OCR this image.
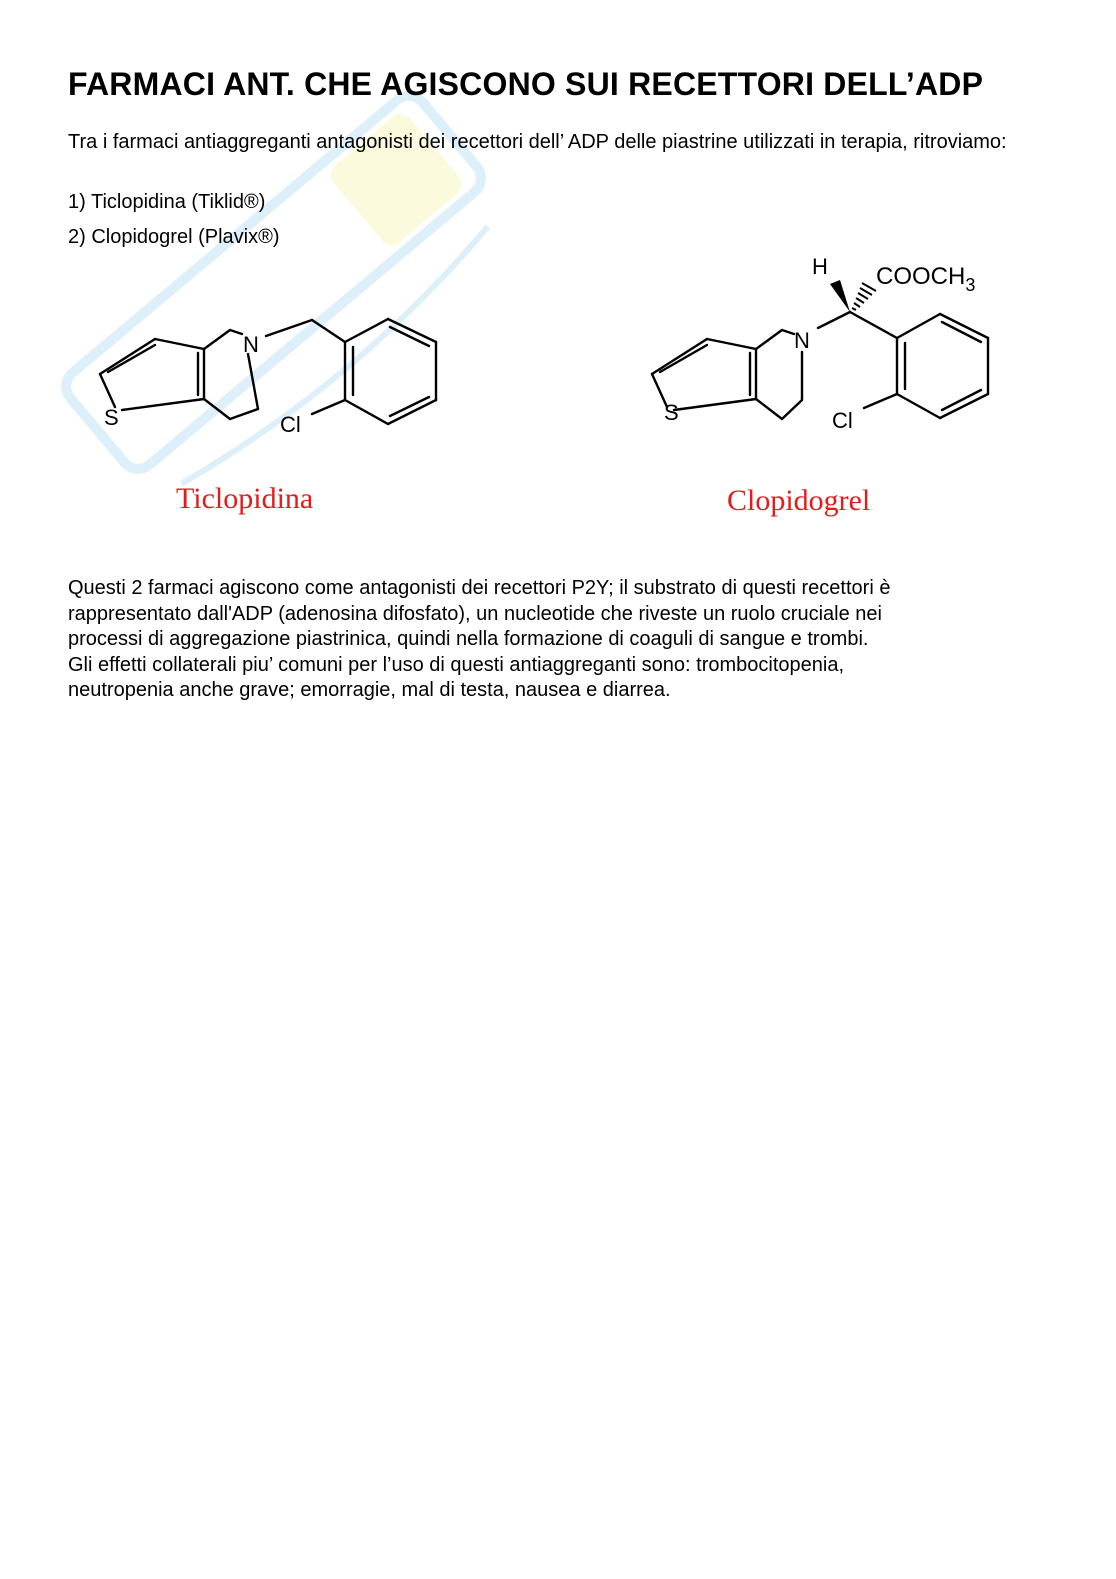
FARMACI ANT. CHE AGISCONO SUI RECETTORI DELL’ADP

Tra i farmaci antiaggreganti antagonisti dei recettori dell’ ADP delle piastrine utilizzati in terapia, ritroviamo:

1) Ticlopidina (Tiklid®)
2) Clopidogrel (Plavix®)
S
N
Cl	S
N
Cl
H $COOCH_3$
Ticlopidina	Clopidogrel

Questi 2 farmaci agiscono come antagonisti dei recettori P2Y; il substrato di questi recettori è
rappresentato dall'ADP (adenosina difosfato), un nucleotide che riveste un ruolo cruciale nei
processi di aggregazione piastrinica, quindi nella formazione di coaguli di sangue e trombi.
Gli effetti collaterali piu’ comuni per l’uso di questi antiaggreganti sono: trombocitopenia,
neutropenia anche grave; emorragie, mal di testa, nausea e diarrea.
